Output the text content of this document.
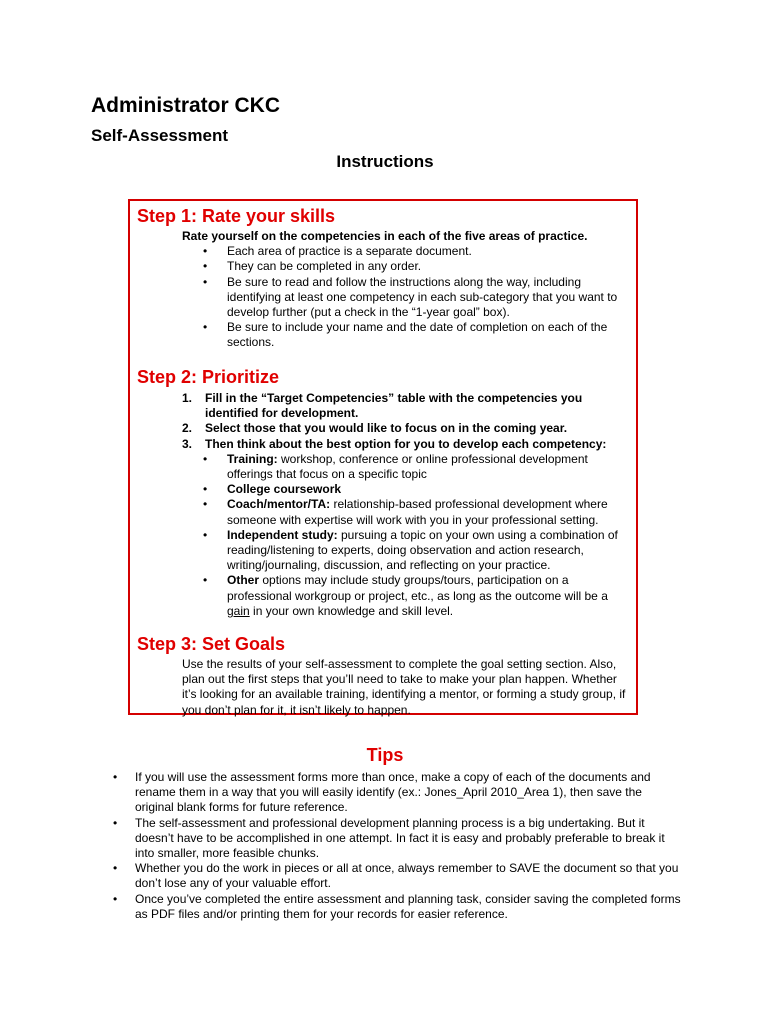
Administrator CKC
Self-Assessment
Instructions
Step 1: Rate your skills

Rate yourself on the competencies in each of the five areas of practice.

• Each area of practice is a separate document.
• They can be completed in any order.
• Be sure to read and follow the instructions along the way, including identifying at least one competency in each sub-category that you want to develop further (put a check in the “1-year goal” box).
• Be sure to include your name and the date of completion on each of the sections.
Step 2: Prioritize
1. Fill in the “Target Competencies” table with the competencies you identified for development.
2. Select those that you would like to focus on in the coming year.
3. Then think about the best option for you to develop each competency:
• Training: workshop, conference or online professional development offerings that focus on a specific topic
• College coursework
• Coach/mentor/TA: relationship-based professional development where someone with expertise will work with you in your professional setting.
• Independent study: pursuing a topic on your own using a combination of reading/listening to experts, doing observation and action research, writing/journaling, discussion, and reflecting on your practice.
• Other options may include study groups/tours, participation on a professional workgroup or project, etc., as long as the outcome will be a gain in your own knowledge and skill level.
Step 3: Set Goals

Use the results of your self-assessment to complete the goal setting section. Also, plan out the first steps that you’ll need to take to make your plan happen. Whether it’s looking for an available training, identifying a mentor, or forming a study group, if you don’t plan for it, it isn’t likely to happen.

Tips
• If you will use the assessment forms more than once, make a copy of each of the documents and rename them in a way that you will easily identify (ex.: Jones_April 2010_Area 1), then save the original blank forms for future reference.
• The self-assessment and professional development planning process is a big undertaking. But it doesn’t have to be accomplished in one attempt. In fact it is easy and probably preferable to break it into smaller, more feasible chunks.
• Whether you do the work in pieces or all at once, always remember to SAVE the document so that you don’t lose any of your valuable effort.
• Once you’ve completed the entire assessment and planning task, consider saving the completed forms as PDF files and/or printing them for your records for easier reference.
